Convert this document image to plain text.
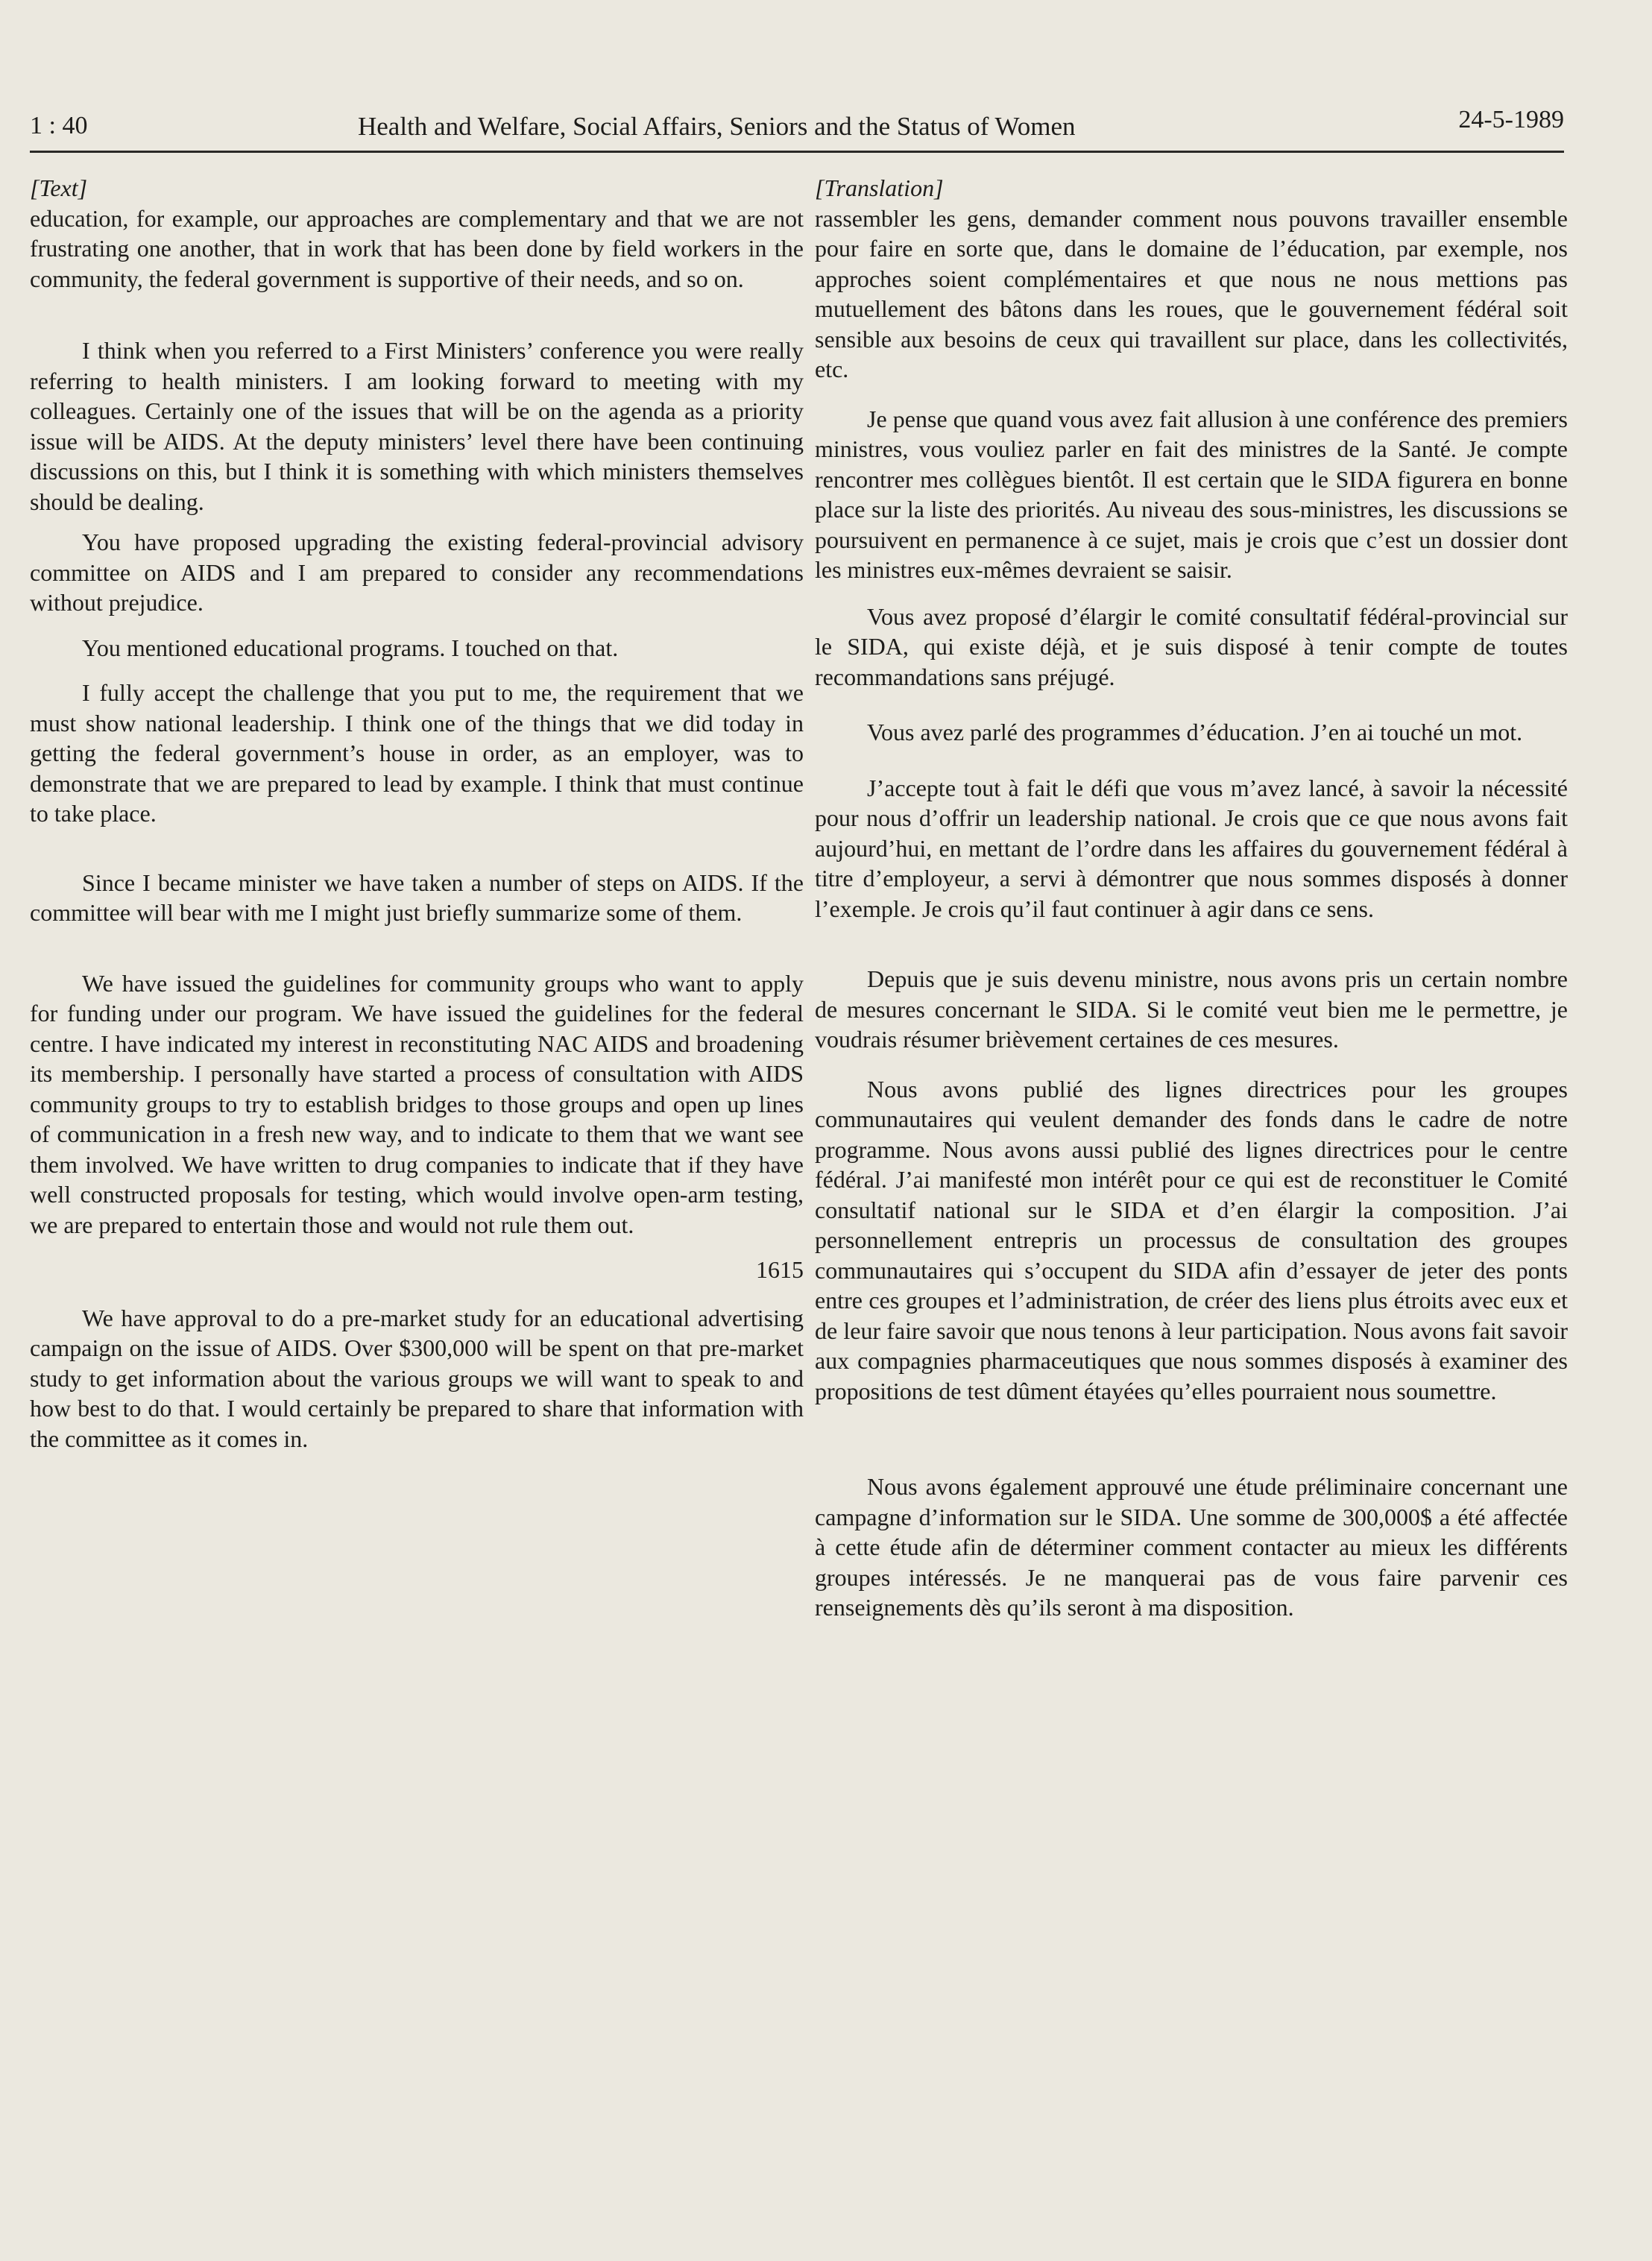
1 : 40	Health and Welfare, Social Affairs, Seniors and the Status of Women	24-5-1989

[Text]

education, for example, our approaches are complementary and that we are not frustrating one another, that in work that has been done by field workers in the community, the federal government is supportive of their needs, and so on.

I think when you referred to a First Ministers’ conference you were really referring to health ministers. I am looking forward to meeting with my colleagues. Certainly one of the issues that will be on the agenda as a priority issue will be AIDS. At the deputy ministers’ level there have been continuing discussions on this, but I think it is something with which ministers themselves should be dealing.

You have proposed upgrading the existing federal-provincial advisory committee on AIDS and I am prepared to consider any recommendations without prejudice.

You mentioned educational programs. I touched on that.

I fully accept the challenge that you put to me, the requirement that we must show national leadership. I think one of the things that we did today in getting the federal government’s house in order, as an employer, was to demonstrate that we are prepared to lead by example. I think that must continue to take place.

Since I became minister we have taken a number of steps on AIDS. If the committee will bear with me I might just briefly summarize some of them.

We have issued the guidelines for community groups who want to apply for funding under our program. We have issued the guidelines for the federal centre. I have indicated my interest in reconstituting NAC AIDS and broadening its membership. I personally have started a process of consultation with AIDS community groups to try to establish bridges to those groups and open up lines of communication in a fresh new way, and to indicate to them that we want see them involved. We have written to drug companies to indicate that if they have well constructed proposals for testing, which would involve open-arm testing, we are prepared to entertain those and would not rule them out.

1615

We have approval to do a pre-market study for an educational advertising campaign on the issue of AIDS. Over $300,000 will be spent on that pre-market study to get information about the various groups we will want to speak to and how best to do that. I would certainly be prepared to share that information with the committee as it comes in.

[Translation]

rassembler les gens, demander comment nous pouvons travailler ensemble pour faire en sorte que, dans le domaine de l’éducation, par exemple, nos approches soient complémentaires et que nous ne nous mettions pas mutuellement des bâtons dans les roues, que le gouvernement fédéral soit sensible aux besoins de ceux qui travaillent sur place, dans les collectivités, etc.

Je pense que quand vous avez fait allusion à une conférence des premiers ministres, vous vouliez parler en fait des ministres de la Santé. Je compte rencontrer mes collègues bientôt. Il est certain que le SIDA figurera en bonne place sur la liste des priorités. Au niveau des sous-ministres, les discussions se poursuivent en permanence à ce sujet, mais je crois que c’est un dossier dont les ministres eux-mêmes devraient se saisir.

Vous avez proposé d’élargir le comité consultatif fédéral-provincial sur le SIDA, qui existe déjà, et je suis disposé à tenir compte de toutes recommandations sans préjugé.

Vous avez parlé des programmes d’éducation. J’en ai touché un mot.

J’accepte tout à fait le défi que vous m’avez lancé, à savoir la nécessité pour nous d’offrir un leadership national. Je crois que ce que nous avons fait aujourd’hui, en mettant de l’ordre dans les affaires du gouvernement fédéral à titre d’employeur, a servi à démontrer que nous sommes disposés à donner l’exemple. Je crois qu’il faut continuer à agir dans ce sens.

Depuis que je suis devenu ministre, nous avons pris un certain nombre de mesures concernant le SIDA. Si le comité veut bien me le permettre, je voudrais résumer brièvement certaines de ces mesures.

Nous avons publié des lignes directrices pour les groupes communautaires qui veulent demander des fonds dans le cadre de notre programme. Nous avons aussi publié des lignes directrices pour le centre fédéral. J’ai manifesté mon intérêt pour ce qui est de reconstituer le Comité consultatif national sur le SIDA et d’en élargir la composition. J’ai personnellement entrepris un processus de consultation des groupes communautaires qui s’occupent du SIDA afin d’essayer de jeter des ponts entre ces groupes et l’administration, de créer des liens plus étroits avec eux et de leur faire savoir que nous tenons à leur participation. Nous avons fait savoir aux compagnies pharmaceutiques que nous sommes disposés à examiner des propositions de test dûment étayées qu’elles pourraient nous soumettre.

Nous avons également approuvé une étude préliminaire concernant une campagne d’information sur le SIDA. Une somme de 300,000$ a été affectée à cette étude afin de déterminer comment contacter au mieux les différents groupes intéressés. Je ne manquerai pas de vous faire parvenir ces renseignements dès qu’ils seront à ma disposition.
